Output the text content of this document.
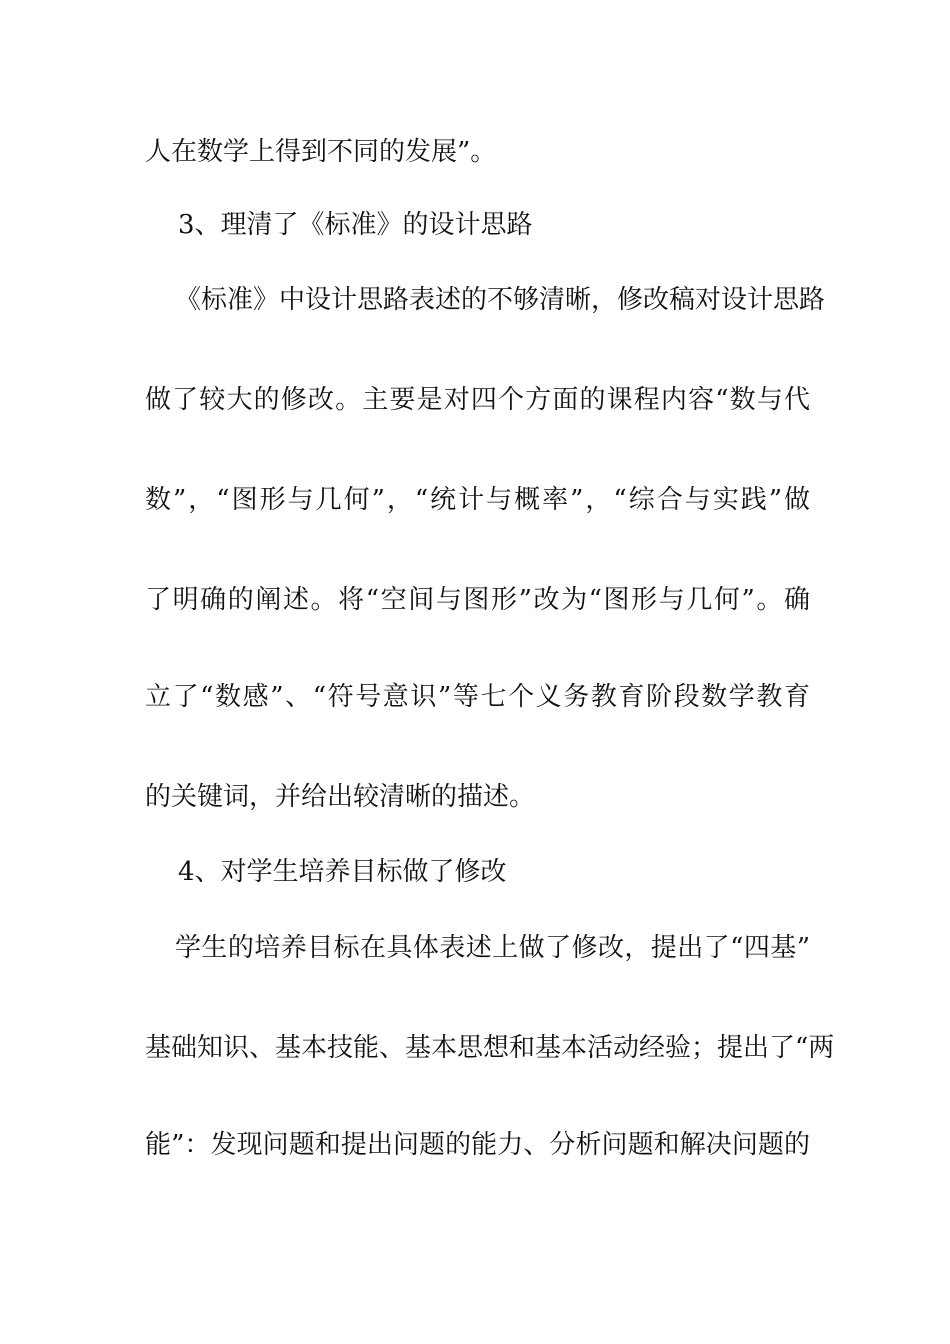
人在数学上得到不同的发展”。

3、理清了《标准》的设计思路

《标准》中设计思路表述的不够清晰，修改稿对设计思路

做了较大的修改。主要是对四个方面的课程内容“数与代

数”，“图形与几何”，“统计与概率”，“综合与实践”做

了明确的阐述。将“空间与图形”改为“图形与几何”。确

立了“数感”、“符号意识”等七个义务教育阶段数学教育

的关键词，并给出较清晰的描述。

4、对学生培养目标做了修改

学生的培养目标在具体表述上做了修改，提出了“四基”

基础知识、基本技能、基本思想和基本活动经验；提出了“两

能”：发现问题和提出问题的能力、分析问题和解决问题的
